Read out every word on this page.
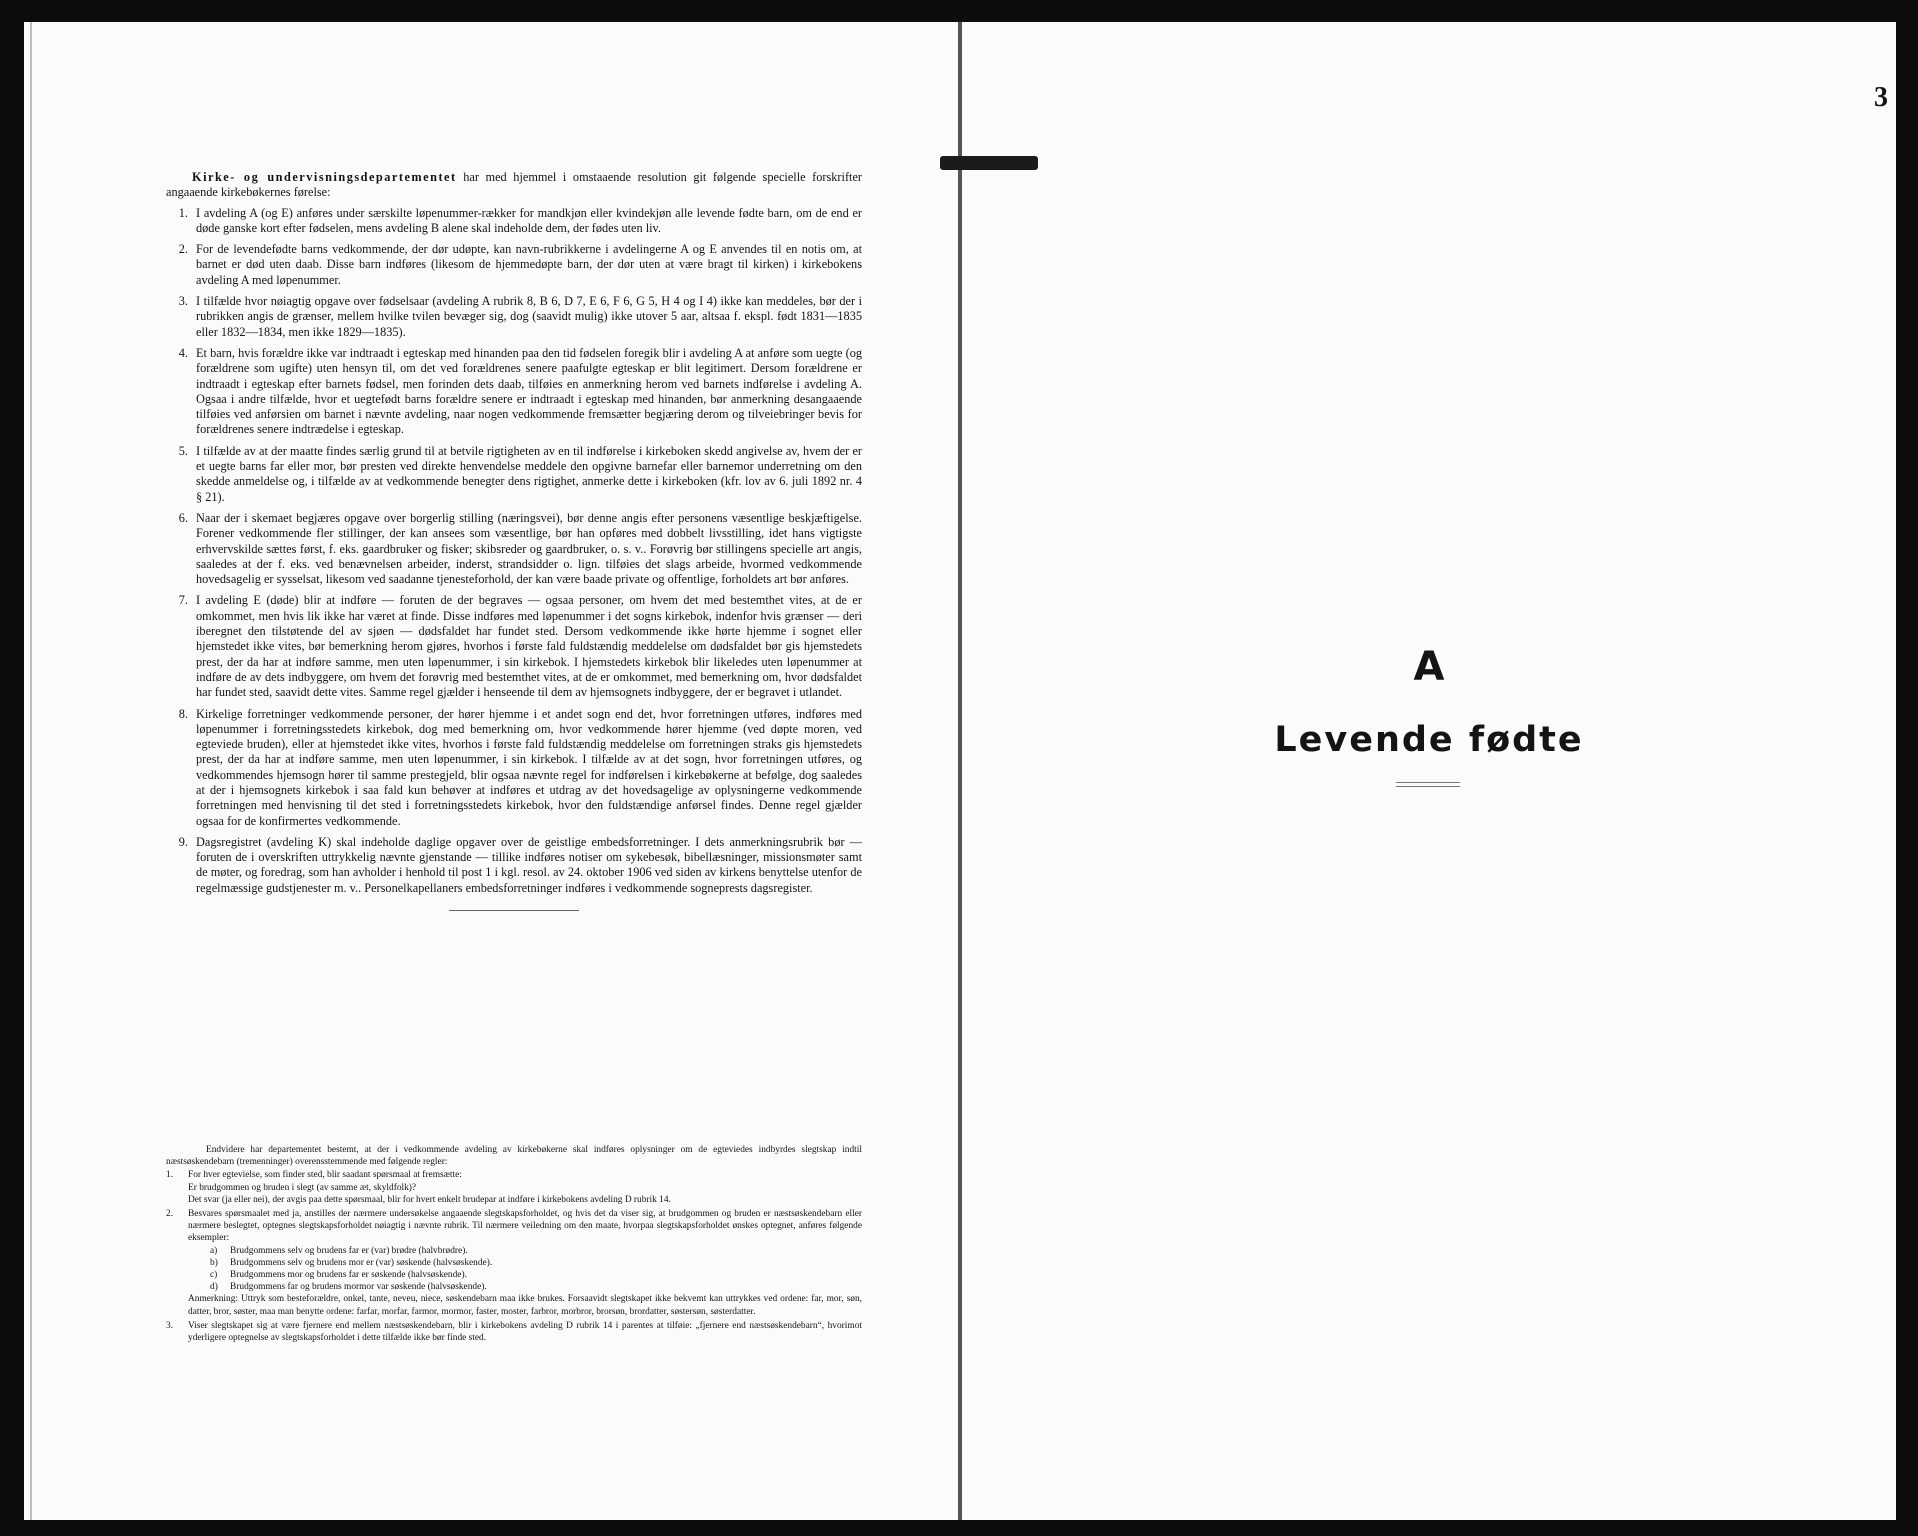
Kirke- og undervisningsdepartementet har med hjemmel i omstaaende resolution git følgende specielle forskrifter angaaende kirkebøkernes førelse:

1. I avdeling A (og E) anføres under særskilte løpenummer-rækker for mandkjøn eller kvindekjøn alle levende fødte barn, om de end er døde ganske kort efter fødselen, mens avdeling B alene skal indeholde dem, der fødes uten liv.
2. For de levendefødte barns vedkommende, der dør udøpte, kan navn-rubrikkerne i avdelingerne A og E anvendes til en notis om, at barnet er død uten daab. Disse barn indføres (likesom de hjemmedøpte barn, der dør uten at være bragt til kirken) i kirkebokens avdeling A med løpenummer.
3. I tilfælde hvor nøiagtig opgave over fødselsaar (avdeling A rubrik 8, B 6, D 7, E 6, F 6, G 5, H 4 og I 4) ikke kan meddeles, bør der i rubrikken angis de grænser, mellem hvilke tvilen bevæger sig, dog (saavidt mulig) ikke utover 5 aar, altsaa f. ekspl. født 1831—1835 eller 1832—1834, men ikke 1829—1835).
4. Et barn, hvis forældre ikke var indtraadt i egteskap med hinanden paa den tid fødselen foregik blir i avdeling A at anføre som uegte (og forældrene som ugifte) uten hensyn til, om det ved forældrenes senere paafulgte egteskap er blit legitimert. Dersom forældrene er indtraadt i egteskap efter barnets fødsel, men forinden dets daab, tilføies en anmerkning herom ved barnets indførelse i avdeling A. Ogsaa i andre tilfælde, hvor et uegtefødt barns forældre senere er indtraadt i egteskap med hinanden, bør anmerkning desangaaende tilføies ved anførsien om barnet i nævnte avdeling, naar nogen vedkommende fremsætter begjæring derom og tilveiebringer bevis for forældrenes senere indtrædelse i egteskap.
5. I tilfælde av at der maatte findes særlig grund til at betvile rigtigheten av en til indførelse i kirkeboken skedd angivelse av, hvem der er et uegte barns far eller mor, bør presten ved direkte henvendelse meddele den opgivne barnefar eller barnemor underretning om den skedde anmeldelse og, i tilfælde av at vedkommende benegter dens rigtighet, anmerke dette i kirkeboken (kfr. lov av 6. juli 1892 nr. 4 § 21).
6. Naar der i skemaet begjæres opgave over borgerlig stilling (næringsvei), bør denne angis efter personens væsentlige beskjæftigelse. Forener vedkommende fler stillinger, der kan ansees som væsentlige, bør han opføres med dobbelt livsstilling, idet hans vigtigste erhvervskilde sættes først, f. eks. gaardbruker og fisker; skibsreder og gaardbruker, o. s. v.. Forøvrig bør stillingens specielle art angis, saaledes at der f. eks. ved benævnelsen arbeider, inderst, strandsidder o. lign. tilføies det slags arbeide, hvormed vedkommende hovedsagelig er sysselsat, likesom ved saadanne tjenesteforhold, der kan være baade private og offentlige, forholdets art bør anføres.
7. I avdeling E (døde) blir at indføre — foruten de der begraves — ogsaa personer, om hvem det med bestemthet vites, at de er omkommet, men hvis lik ikke har været at finde. Disse indføres med løpenummer i det sogns kirkebok, indenfor hvis grænser — deri iberegnet den tilstøtende del av sjøen — dødsfaldet har fundet sted. Dersom vedkommende ikke hørte hjemme i sognet eller hjemstedet ikke vites, bør bemerkning herom gjøres, hvorhos i første fald fuldstændig meddelelse om dødsfaldet bør gis hjemstedets prest, der da har at indføre samme, men uten løpenummer, i sin kirkebok. I hjemstedets kirkebok blir likeledes uten løpenummer at indføre de av dets indbyggere, om hvem det forøvrig med bestemthet vites, at de er omkommet, med bemerkning om, hvor dødsfaldet har fundet sted, saavidt dette vites. Samme regel gjælder i henseende til dem av hjemsognets indbyggere, der er begravet i utlandet.
8. Kirkelige forretninger vedkommende personer, der hører hjemme i et andet sogn end det, hvor forretningen utføres, indføres med løpenummer i forretningsstedets kirkebok, dog med bemerkning om, hvor vedkommende hører hjemme (ved døpte moren, ved egteviede bruden), eller at hjemstedet ikke vites, hvorhos i første fald fuldstændig meddelelse om forretningen straks gis hjemstedets prest, der da har at indføre samme, men uten løpenummer, i sin kirkebok. I tilfælde av at det sogn, hvor forretningen utføres, og vedkommendes hjemsogn hører til samme prestegjeld, blir ogsaa nævnte regel for indførelsen i kirkebøkerne at befølge, dog saaledes at der i hjemsognets kirkebok i saa fald kun behøver at indføres et utdrag av det hovedsagelige av oplysningerne vedkommende forretningen med henvisning til det sted i forretningsstedets kirkebok, hvor den fuldstændige anførsel findes. Denne regel gjælder ogsaa for de konfirmertes vedkommende.
9. Dagsregistret (avdeling K) skal indeholde daglige opgaver over de geistlige embedsforretninger. I dets anmerkningsrubrik bør — foruten de i overskriften uttrykkelig nævnte gjenstande — tillike indføres notiser om sykebesøk, bibellæsninger, missionsmøter samt de møter, og foredrag, som han avholder i henhold til post 1 i kgl. resol. av 24. oktober 1906 ved siden av kirkens benyttelse utenfor de regelmæssige gudstjenester m. v.. Personelkapellaners embedsforretninger indføres i vedkommende sogneprests dagsregister.

Endvidere har departementet bestemt, at der i vedkommende avdeling av kirkebøkerne skal indføres oplysninger om de egteviedes indbyrdes slegtskap indtil næstsøskendebarn (tremenninger) overensstemmende med følgende regler:

1.	For hver egtevielse, som finder sted, blir saadant spørsmaal at fremsætte:

Er brudgommen og bruden i slegt (av samme æt, skyldfolk)?

Det svar (ja eller nei), der avgis paa dette spørsmaal, blir for hvert enkelt brudepar at indføre i kirkebokens avdeling D rubrik 14.

2.	Besvares spørsmaalet med ja, anstilles der nærmere undersøkelse angaaende slegtskapsforholdet, og hvis det da viser sig, at brudgommen og bruden er næstsøskendebarn eller nærmere beslegtet, optegnes slegtskapsforholdet nøiagtig i nævnte rubrik. Til nærmere veiledning om den maate, hvorpaa slegtskapsforholdet ønskes optegnet, anføres følgende eksempler:

a)	Brudgommens selv og brudens far er (var) brødre (halvbrødre).
b)	Brudgommens selv og brudens mor er (var) søskende (halvsøskende).
c)	Brudgommens mor og brudens far er søskende (halvsøskende).
d)	Brudgommens far og brudens mormor var søskende (halvsøskende).

Anmerkning: Uttryk som besteforældre, onkel, tante, neveu, niece, søskendebarn maa ikke brukes. Forsaavidt slegtskapet ikke bekvemt kan uttrykkes ved ordene: far, mor, søn, datter, bror, søster, maa man benytte ordene: farfar, morfar, farmor, mormor, faster, moster, farbror, morbror, brorsøn, brordatter, søstersøn, søsterdatter.

3.	Viser slegtskapet sig at være fjernere end mellem næstsøskendebarn, blir i kirkebokens avdeling D rubrik 14 i parentes at tilføie: „fjernere end næstsøskendebarn“, hvorimot yderligere optegnelse av slegtskapsforholdet i dette tilfælde ikke bør finde sted.

3
A
Levende fødte
